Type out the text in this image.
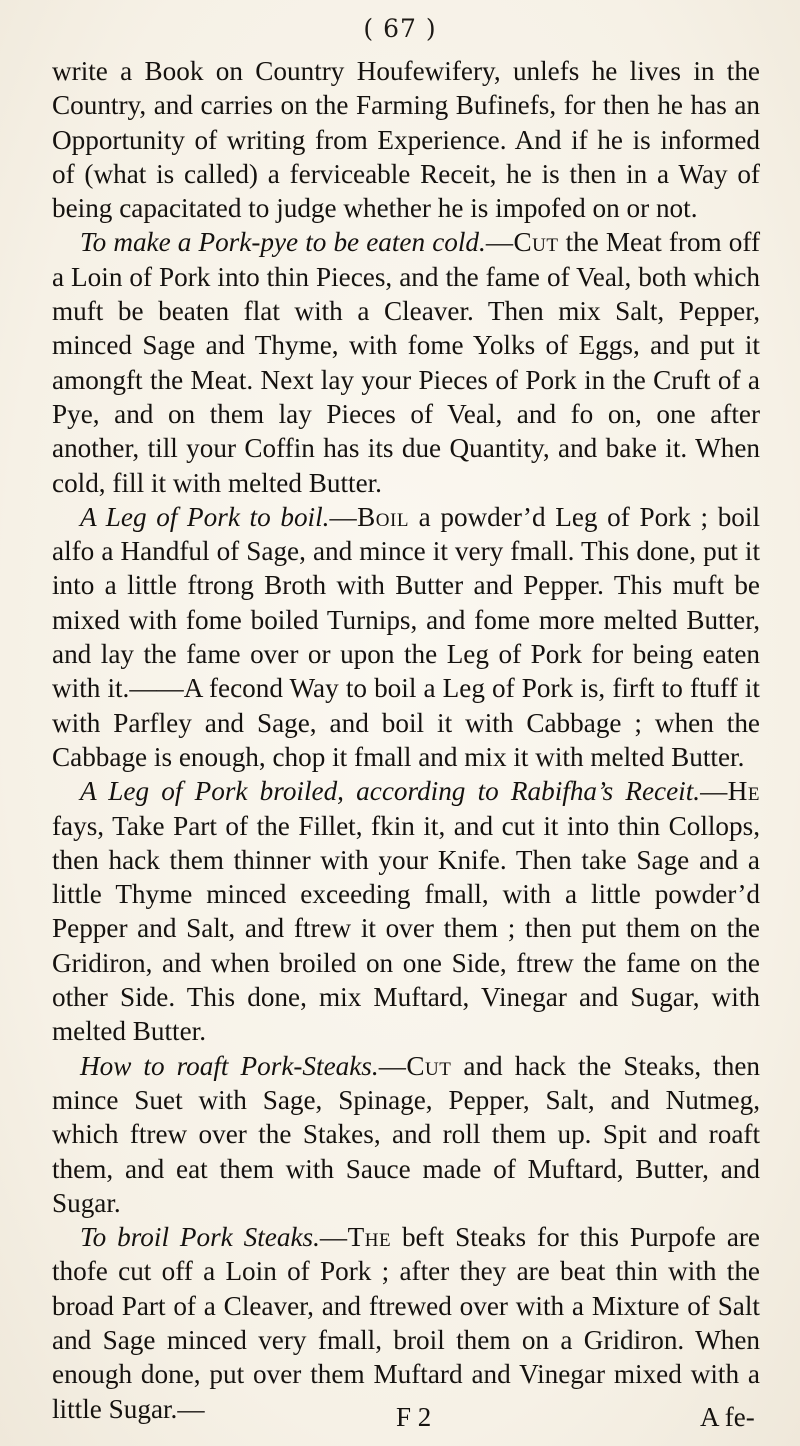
( 67 )

write a Book on Country Houfewifery, unlefs he lives in the Country, and carries on the Farming Bufinefs, for then he has an Opportunity of writing from Experience. And if he is informed of (what is called) a ferviceable Receit, he is then in a Way of being capacitated to judge whether he is impofed on or not.

To make a Pork-pye to be eaten cold.—Cut the Meat from off a Loin of Pork into thin Pieces, and the fame of Veal, both which muft be beaten flat with a Cleaver. Then mix Salt, Pepper, minced Sage and Thyme, with fome Yolks of Eggs, and put it amongft the Meat. Next lay your Pieces of Pork in the Cruft of a Pye, and on them lay Pieces of Veal, and fo on, one after another, till your Coffin has its due Quantity, and bake it. When cold, fill it with melted Butter.

A Leg of Pork to boil.—Boil a powder’d Leg of Pork ; boil alfo a Handful of Sage, and mince it very fmall. This done, put it into a little ftrong Broth with Butter and Pepper. This muft be mixed with fome boiled Turnips, and fome more melted Butter, and lay the fame over or upon the Leg of Pork for being eaten with it.——A fecond Way to boil a Leg of Pork is, firft to ftuff it with Parfley and Sage, and boil it with Cabbage ; when the Cabbage is enough, chop it fmall and mix it with melted Butter.

A Leg of Pork broiled, according to Rabifha’s Receit.—He fays, Take Part of the Fillet, fkin it, and cut it into thin Collops, then hack them thinner with your Knife. Then take Sage and a little Thyme minced exceeding fmall, with a little powder’d Pepper and Salt, and ftrew it over them ; then put them on the Gridiron, and when broiled on one Side, ftrew the fame on the other Side. This done, mix Muftard, Vinegar and Sugar, with melted Butter.

How to roaft Pork-Steaks.—Cut and hack the Steaks, then mince Suet with Sage, Spinage, Pepper, Salt, and Nutmeg, which ftrew over the Stakes, and roll them up. Spit and roaft them, and eat them with Sauce made of Muftard, Butter, and Sugar.

To broil Pork Steaks.—The beft Steaks for this Purpofe are thofe cut off a Loin of Pork ; after they are beat thin with the broad Part of a Cleaver, and ftrewed over with a Mixture of Salt and Sage minced very fmall, broil them on a Gridiron. When enough done, put over them Muftard and Vinegar mixed with a little Sugar.—	F 2	A fe-
